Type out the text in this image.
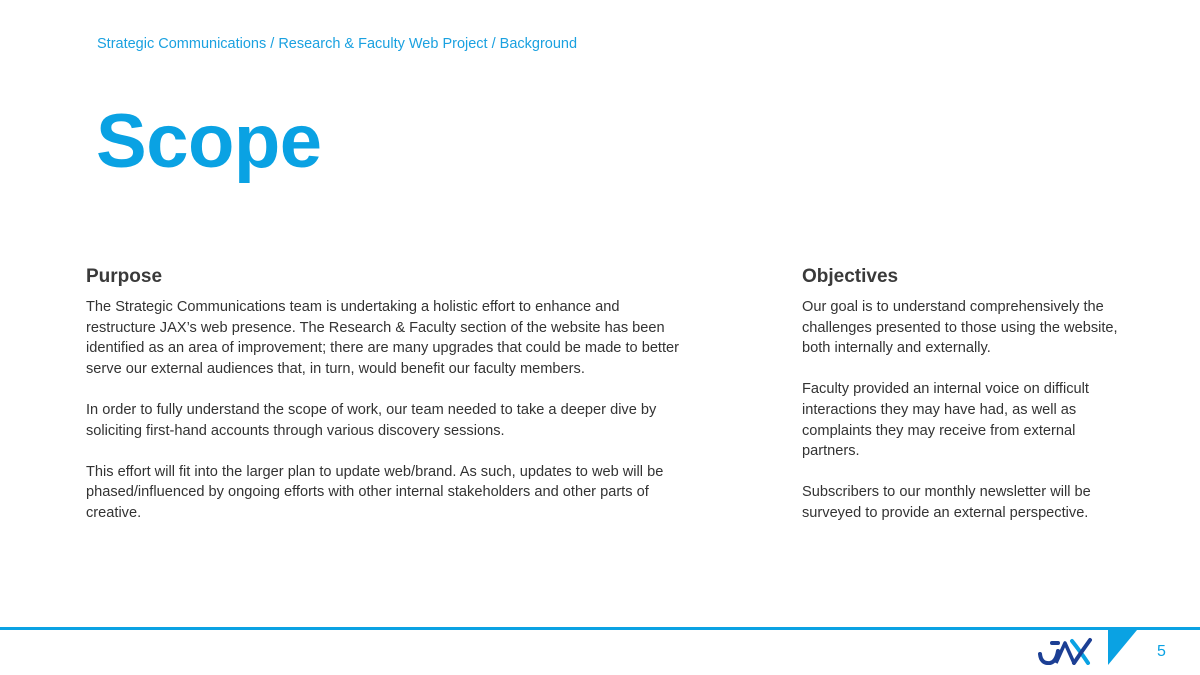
Strategic Communications / Research & Faculty Web Project / Background
Scope
Purpose

The Strategic Communications team is undertaking a holistic effort to enhance and restructure JAX’s web presence. The Research & Faculty section of the website has been identified as an area of improvement; there are many upgrades that could be made to better serve our external audiences that, in turn, would benefit our faculty members.

In order to fully understand the scope of work, our team needed to take a deeper dive by soliciting first-hand accounts through various discovery sessions.

This effort will fit into the larger plan to update web/brand. As such, updates to web will be phased/influenced by ongoing efforts with other internal stakeholders and other parts of creative.

Objectives

Our goal is to understand comprehensively the challenges presented to those using the website, both internally and externally.

Faculty provided an internal voice on difficult interactions they may have had, as well as complaints they may receive from external partners.

Subscribers to our monthly newsletter will be surveyed to provide an external perspective.

5
